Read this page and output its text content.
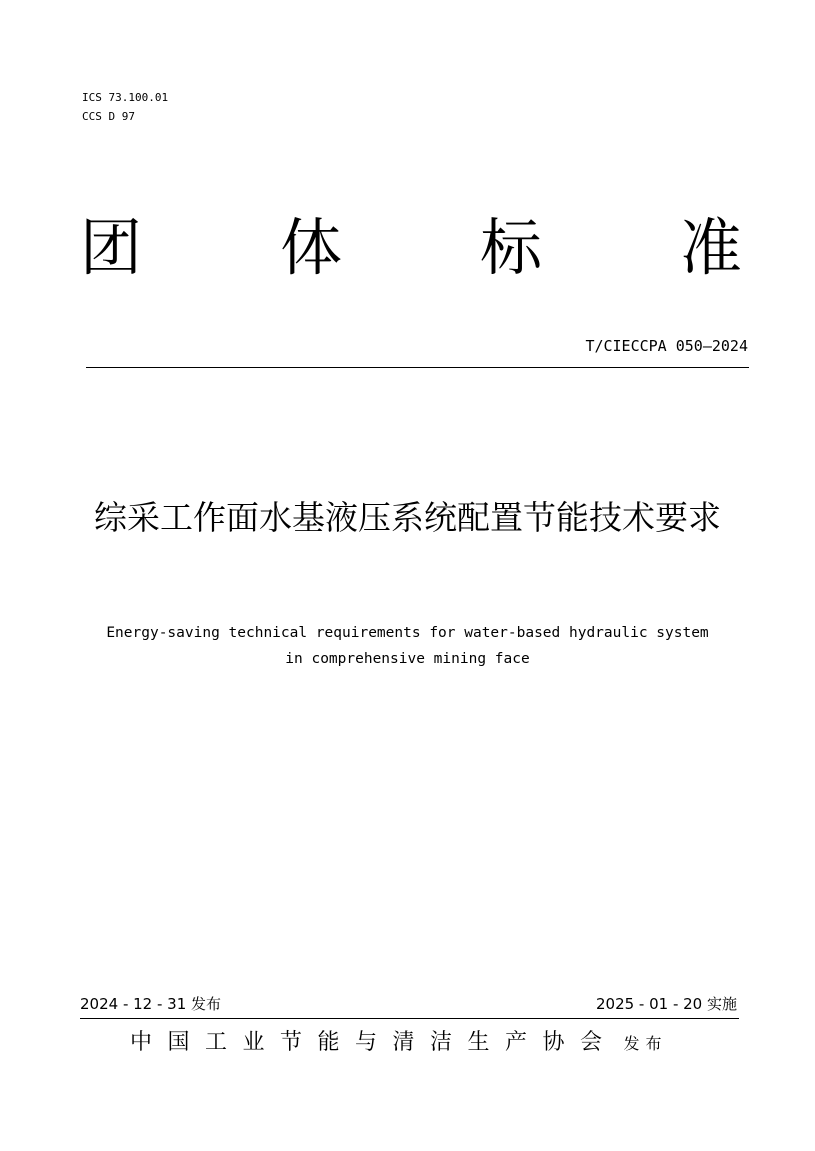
ICS 73.100.01
CCS D 97
团 体 标 准
T/CIECCPA 050—2024
综采工作面水基液压系统配置节能技术要求
Energy-saving technical requirements for water-based hydraulic system
in comprehensive mining face
2024 - 12 - 31 发布	2025 - 01 - 20 实施
中国工业节能与清洁生产协会 发布
